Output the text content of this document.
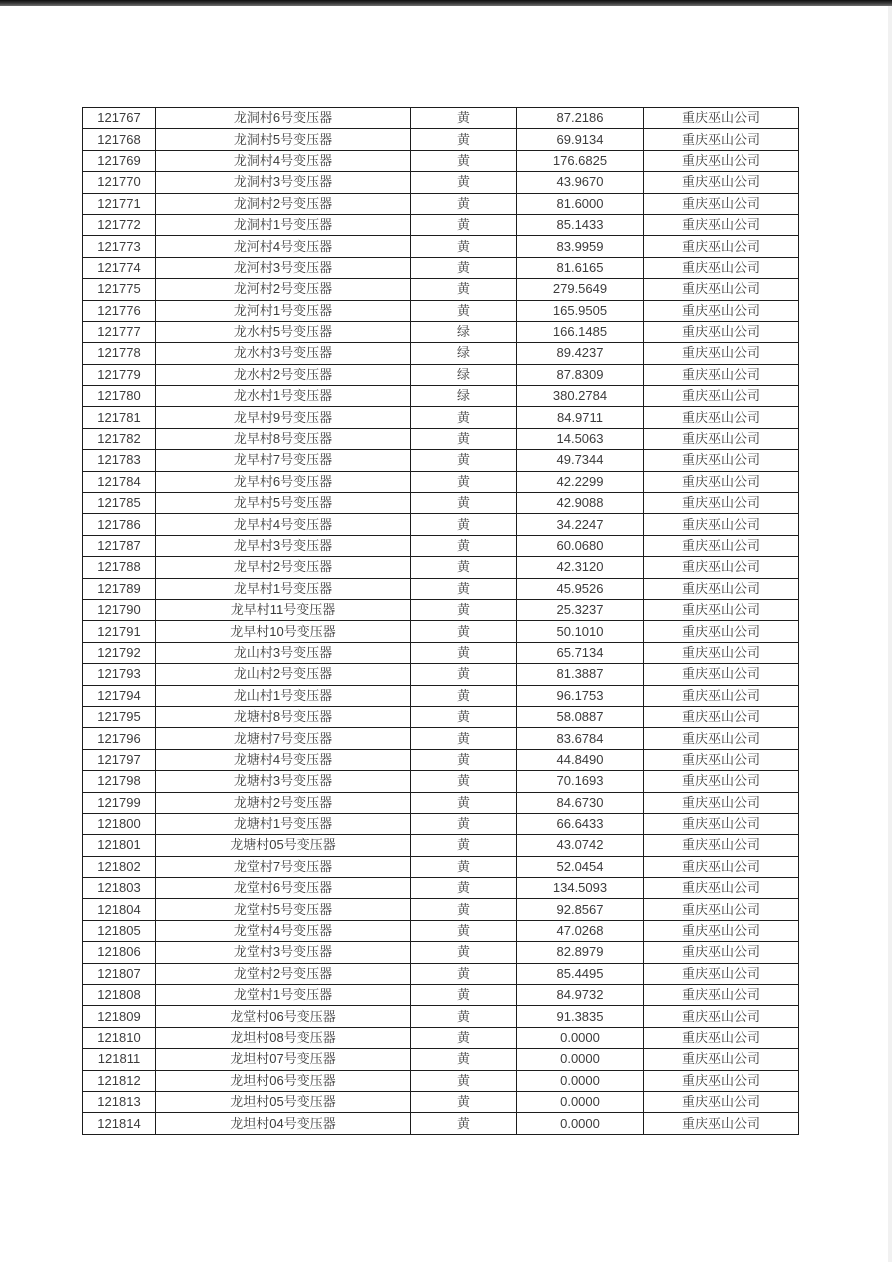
121767	龙洞村6号变压器	黄	87.2186	重庆巫山公司
121768	龙洞村5号变压器	黄	69.9134	重庆巫山公司
121769	龙洞村4号变压器	黄	176.6825	重庆巫山公司
121770	龙洞村3号变压器	黄	43.9670	重庆巫山公司
121771	龙洞村2号变压器	黄	81.6000	重庆巫山公司
121772	龙洞村1号变压器	黄	85.1433	重庆巫山公司
121773	龙河村4号变压器	黄	83.9959	重庆巫山公司
121774	龙河村3号变压器	黄	81.6165	重庆巫山公司
121775	龙河村2号变压器	黄	279.5649	重庆巫山公司
121776	龙河村1号变压器	黄	165.9505	重庆巫山公司
121777	龙水村5号变压器	绿	166.1485	重庆巫山公司
121778	龙水村3号变压器	绿	89.4237	重庆巫山公司
121779	龙水村2号变压器	绿	87.8309	重庆巫山公司
121780	龙水村1号变压器	绿	380.2784	重庆巫山公司
121781	龙早村9号变压器	黄	84.9711	重庆巫山公司
121782	龙早村8号变压器	黄	14.5063	重庆巫山公司
121783	龙早村7号变压器	黄	49.7344	重庆巫山公司
121784	龙早村6号变压器	黄	42.2299	重庆巫山公司
121785	龙早村5号变压器	黄	42.9088	重庆巫山公司
121786	龙早村4号变压器	黄	34.2247	重庆巫山公司
121787	龙早村3号变压器	黄	60.0680	重庆巫山公司
121788	龙早村2号变压器	黄	42.3120	重庆巫山公司
121789	龙早村1号变压器	黄	45.9526	重庆巫山公司
121790	龙早村11号变压器	黄	25.3237	重庆巫山公司
121791	龙早村10号变压器	黄	50.1010	重庆巫山公司
121792	龙山村3号变压器	黄	65.7134	重庆巫山公司
121793	龙山村2号变压器	黄	81.3887	重庆巫山公司
121794	龙山村1号变压器	黄	96.1753	重庆巫山公司
121795	龙塘村8号变压器	黄	58.0887	重庆巫山公司
121796	龙塘村7号变压器	黄	83.6784	重庆巫山公司
121797	龙塘村4号变压器	黄	44.8490	重庆巫山公司
121798	龙塘村3号变压器	黄	70.1693	重庆巫山公司
121799	龙塘村2号变压器	黄	84.6730	重庆巫山公司
121800	龙塘村1号变压器	黄	66.6433	重庆巫山公司
121801	龙塘村05号变压器	黄	43.0742	重庆巫山公司
121802	龙堂村7号变压器	黄	52.0454	重庆巫山公司
121803	龙堂村6号变压器	黄	134.5093	重庆巫山公司
121804	龙堂村5号变压器	黄	92.8567	重庆巫山公司
121805	龙堂村4号变压器	黄	47.0268	重庆巫山公司
121806	龙堂村3号变压器	黄	82.8979	重庆巫山公司
121807	龙堂村2号变压器	黄	85.4495	重庆巫山公司
121808	龙堂村1号变压器	黄	84.9732	重庆巫山公司
121809	龙堂村06号变压器	黄	91.3835	重庆巫山公司
121810	龙坦村08号变压器	黄	0.0000	重庆巫山公司
121811	龙坦村07号变压器	黄	0.0000	重庆巫山公司
121812	龙坦村06号变压器	黄	0.0000	重庆巫山公司
121813	龙坦村05号变压器	黄	0.0000	重庆巫山公司
121814	龙坦村04号变压器	黄	0.0000	重庆巫山公司
